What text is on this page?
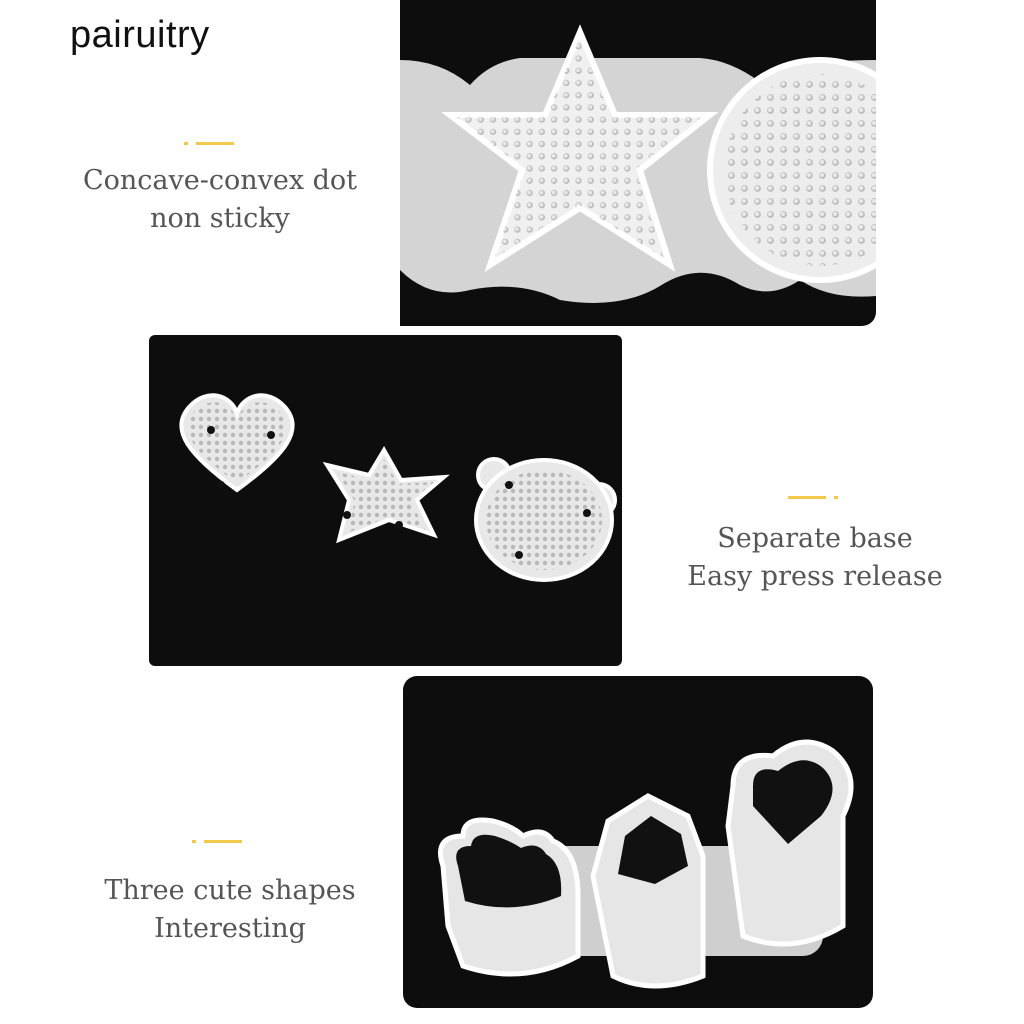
pairuitry
Concave-convex dot
non sticky
Separate base
Easy press release
Three cute shapes
Interesting
